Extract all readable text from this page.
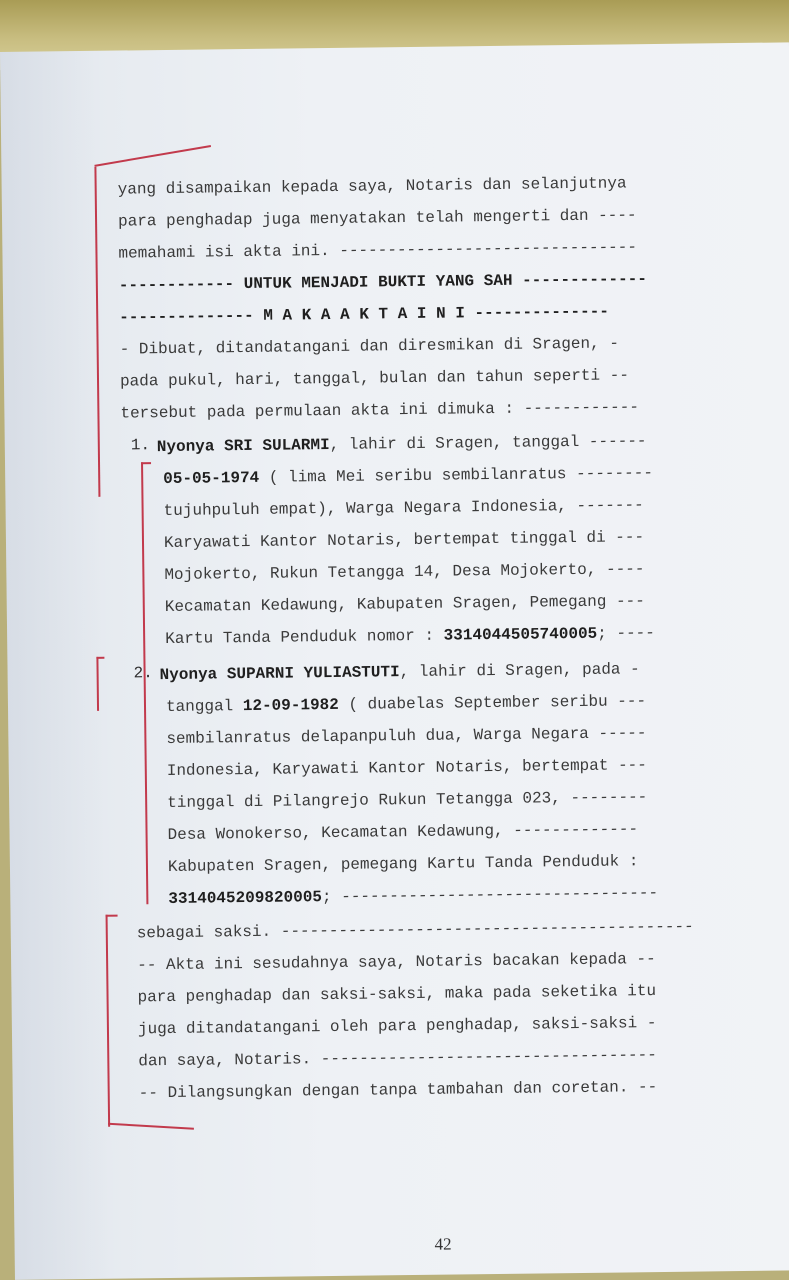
yang disampaikan kepada saya, Notaris dan selanjutnya
para penghadap juga menyatakan telah mengerti dan ----
memahami isi akta ini. -------------------------------
------------ UNTUK MENJADI BUKTI YANG SAH -------------
-------------- M A K A A K T A I N I --------------
- Dibuat, ditandatangani dan diresmikan di Sragen, -
pada pukul, hari, tanggal, bulan dan tahun seperti --
tersebut pada permulaan akta ini dimuka : ------------
1. Nyonya SRI SULARMI, lahir di Sragen, tanggal ------
05-05-1974 ( lima Mei seribu sembilanratus --------
tujuhpuluh empat), Warga Negara Indonesia, -------
Karyawati Kantor Notaris, bertempat tinggal di ---
Mojokerto, Rukun Tetangga 14, Desa Mojokerto, ----
Kecamatan Kedawung, Kabupaten Sragen, Pemegang ---
Kartu Tanda Penduduk nomor : 3314044505740005; ----
2. Nyonya SUPARNI YULIASTUTI, lahir di Sragen, pada -
tanggal 12-09-1982 ( duabelas September seribu ---
sembilanratus delapanpuluh dua, Warga Negara -----
Indonesia, Karyawati Kantor Notaris, bertempat ---
tinggal di Pilangrejo Rukun Tetangga 023, --------
Desa Wonokerso, Kecamatan Kedawung, -------------
Kabupaten Sragen, pemegang Kartu Tanda Penduduk :
3314045209820005; ---------------------------------
sebagai saksi. -------------------------------------------
-- Akta ini sesudahnya saya, Notaris bacakan kepada --
para penghadap dan saksi-saksi, maka pada seketika itu
juga ditandatangani oleh para penghadap, saksi-saksi -
dan saya, Notaris. -----------------------------------
-- Dilangsungkan dengan tanpa tambahan dan coretan. --
42
